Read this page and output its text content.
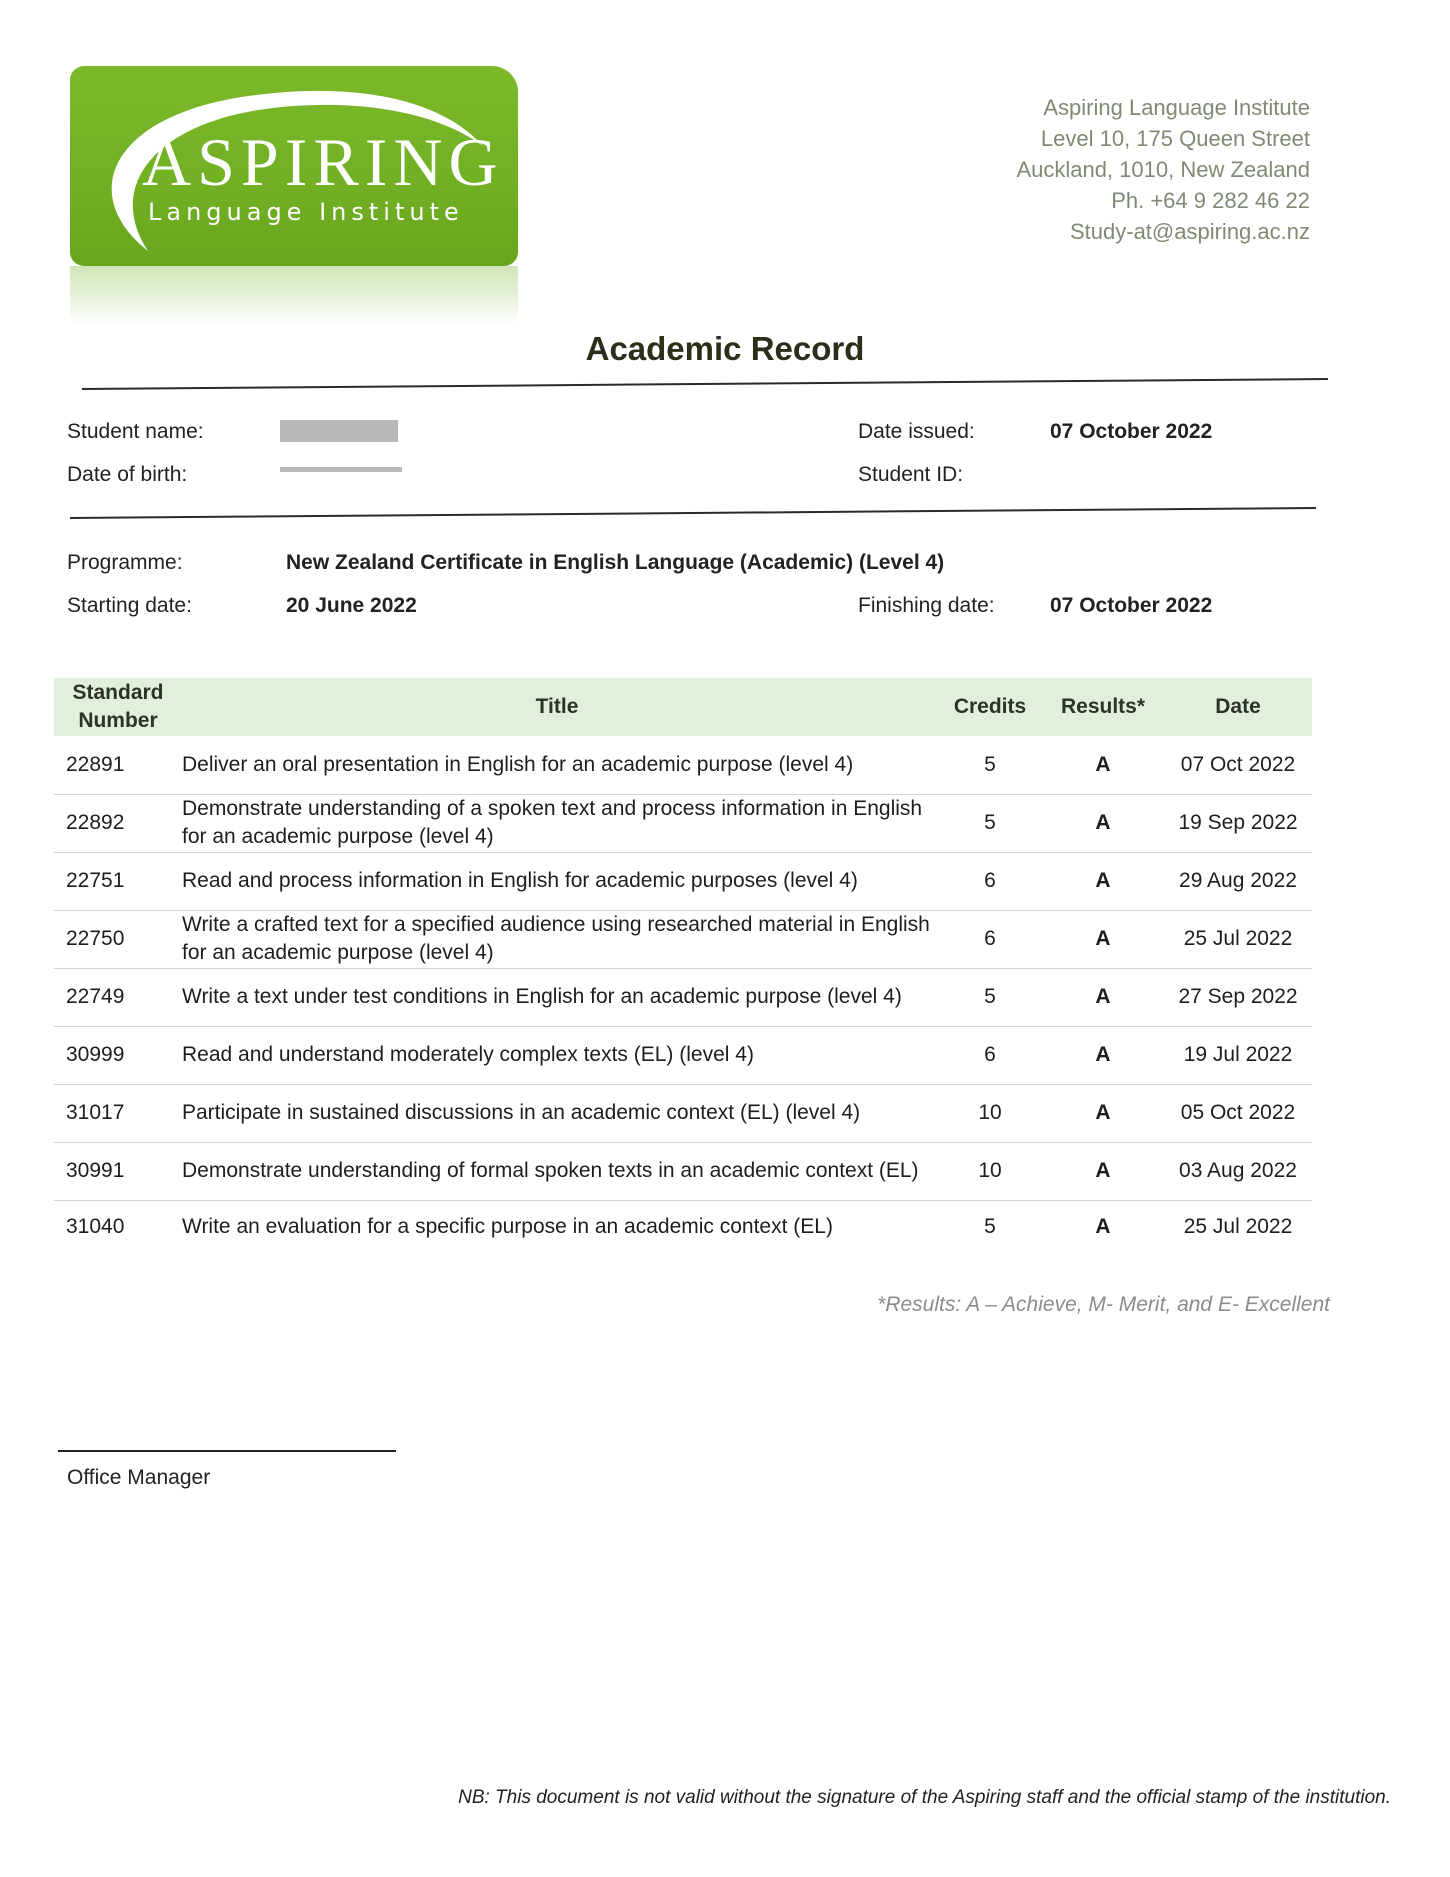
ASPIRING
Language Institute
Aspiring Language Institute
Level 10, 175 Queen Street
Auckland, 1010, New Zealand
Ph. +64 9 282 46 22
Study-at@aspiring.ac.nz
Academic Record
Student name:
Date of birth:
Date issued:	07 October 2022
Student ID:
Programme:	New Zealand Certificate in English Language (Academic) (Level 4)
Starting date:	20 June 2022	Finishing date:	07 October 2022
Standard
Number	Title	Credits	Results*	Date
22891	Deliver an oral presentation in English for an academic purpose (level 4)	5	A	07 Oct 2022
22892	Demonstrate understanding of a spoken text and process information in English for an academic purpose (level 4)	5	A	19 Sep 2022
22751	Read and process information in English for academic purposes (level 4)	6	A	29 Aug 2022
22750	Write a crafted text for a specified audience using researched material in English for an academic purpose (level 4)	6	A	25 Jul 2022
22749	Write a text under test conditions in English for an academic purpose (level 4)	5	A	27 Sep 2022
30999	Read and understand moderately complex texts (EL) (level 4)	6	A	19 Jul 2022
31017	Participate in sustained discussions in an academic context (EL) (level 4)	10	A	05 Oct 2022
30991	Demonstrate understanding of formal spoken texts in an academic context (EL)	10	A	03 Aug 2022
31040	Write an evaluation for a specific purpose in an academic context (EL)	5	A	25 Jul 2022
*Results: A – Achieve, M- Merit, and E- Excellent
Office Manager
NB: This document is not valid without the signature of the Aspiring staff and the official stamp of the institution.
